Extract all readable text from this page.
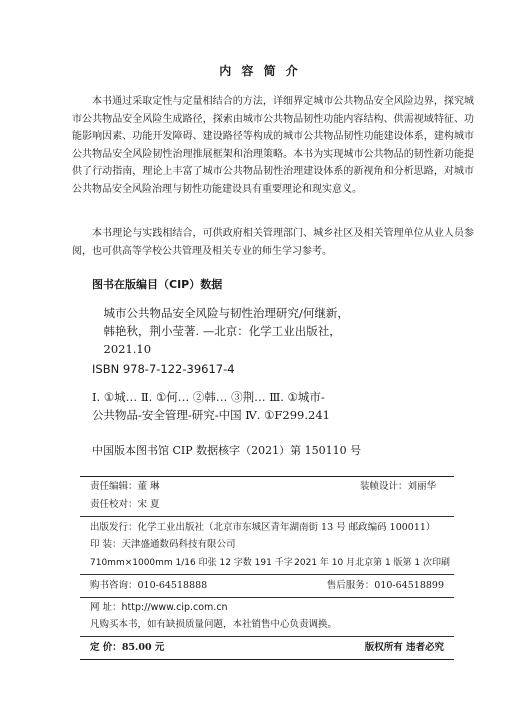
内 容 简 介

本书通过采取定性与定量相结合的方法，详细界定城市公共物品安全风险边界，探究城市公共物品安全风险生成路径，探索由城市公共物品韧性功能内容结构、供需视域特征、功能影响因素、功能开发障碍、建设路径等构成的城市公共物品韧性功能建设体系，建构城市公共物品安全风险韧性治理推展框架和治理策略。本书为实现城市公共物品的韧性新功能提供了行动指南，理论上丰富了城市公共物品韧性治理建设体系的新视角和分析思路，对城市公共物品安全风险治理与韧性功能建设具有重要理论和现实意义。

本书理论与实践相结合，可供政府相关管理部门、城乡社区及相关管理单位从业人员参阅，也可供高等学校公共管理及相关专业的师生学习参考。

图书在版编目（CIP）数据

城市公共物品安全风险与韧性治理研究/何继新，

韩艳秋，荆小莹著. —北京：化学工业出版社，

2021.10

ISBN 978-7-122-39617-4

Ⅰ. ①城… Ⅱ. ①何… ②韩… ③荆… Ⅲ. ①城市-

公共物品-安全管理-研究-中国 Ⅳ. ①F299.241

中国版本图书馆 CIP 数据核字（2021）第 150110 号
责任编辑：董 琳	装帧设计：刘丽华
责任校对：宋 夏
出版发行：化学工业出版社（北京市东城区青年湖南街 13 号 邮政编码 100011）
印 装：天津盛通数码科技有限公司
710mm×1000mm 1/16 印张 12 字数 191 千字 2021 年 10 月北京第 1 版第 1 次印刷
购书咨询：010-64518888	售后服务：010-64518899
网 址：http://www.cip.com.cn
凡购买本书，如有缺损质量问题，本社销售中心负责调换。
定 价：85.00 元	版权所有 违者必究
